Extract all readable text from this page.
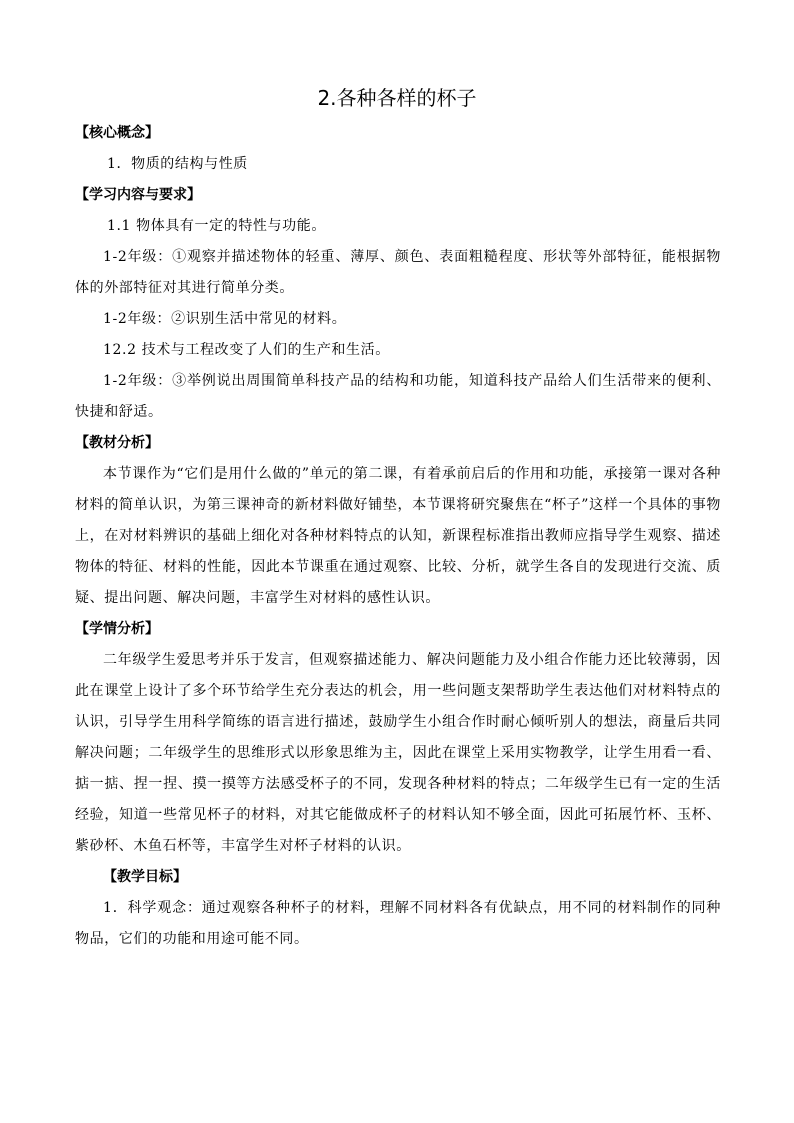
2.各种各样的杯子
【核心概念】

1．物质的结构与性质

【学习内容与要求】

1.1 物体具有一定的特性与功能。

1-2年级：①观察并描述物体的轻重、薄厚、颜色、表面粗糙程度、形状等外部特征，能根据物体的外部特征对其进行简单分类。

1-2年级：②识别生活中常见的材料。

12.2 技术与工程改变了人们的生产和生活。

1-2年级：③举例说出周围简单科技产品的结构和功能，知道科技产品给人们生活带来的便利、快捷和舒适。

【教材分析】

本节课作为“它们是用什么做的”单元的第二课，有着承前启后的作用和功能，承接第一课对各种材料的简单认识，为第三课神奇的新材料做好铺垫，本节课将研究聚焦在“杯子”这样一个具体的事物上，在对材料辨识的基础上细化对各种材料特点的认知，新课程标准指出教师应指导学生观察、描述物体的特征、材料的性能，因此本节课重在通过观察、比较、分析，就学生各自的发现进行交流、质疑、提出问题、解决问题，丰富学生对材料的感性认识。

【学情分析】

二年级学生爱思考并乐于发言，但观察描述能力、解决问题能力及小组合作能力还比较薄弱，因此在课堂上设计了多个环节给学生充分表达的机会，用一些问题支架帮助学生表达他们对材料特点的认识，引导学生用科学简练的语言进行描述，鼓励学生小组合作时耐心倾听别人的想法，商量后共同解决问题；二年级学生的思维形式以形象思维为主，因此在课堂上采用实物教学，让学生用看一看、掂一掂、捏一捏、摸一摸等方法感受杯子的不同，发现各种材料的特点；二年级学生已有一定的生活经验，知道一些常见杯子的材料，对其它能做成杯子的材料认知不够全面，因此可拓展竹杯、玉杯、紫砂杯、木鱼石杯等，丰富学生对杯子材料的认识。

【教学目标】

1．科学观念：通过观察各种杯子的材料，理解不同材料各有优缺点，用不同的材料制作的同种物品，它们的功能和用途可能不同。
